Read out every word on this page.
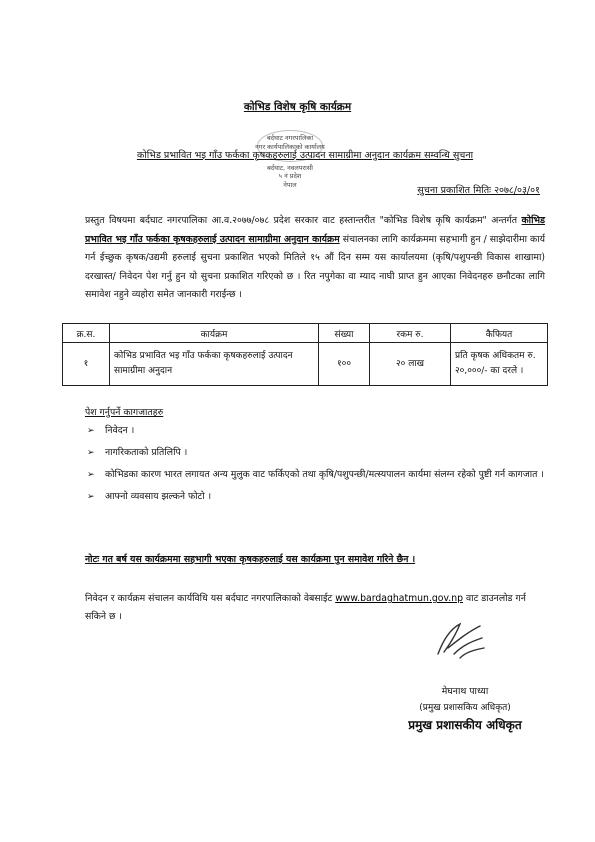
कोभिड विशेष कृषि कार्यक्रम
बर्दघाट नगरपालिका
नगर कार्यपालिकाको कार्यालय
बर्दघाट, नवलपरासी
५ नं प्रदेश
नेपाल
कोभिड प्रभावित भइ गाँउ फर्कका कृषकहरुलाई उत्पादन सामाग्रीमा अनुदान कार्यक्रम सम्वन्धि सुचना
सुचना प्रकाशित मितिः २०७८/०३/०१
प्रस्तुत विषयमा बर्दघाट नगरपालिका आ.व.२०७७/०७८ प्रदेश सरकार वाट हस्तान्तरीत "कोभिड विशेष कृषि कार्यक्रम" अन्तर्गत कोभिड प्रभावित भइ गाँउ फर्कका कृषकहरुलाई उत्पादन सामाग्रीमा अनुदान कार्यक्रम संचालनका लागि कार्यक्रममा सहभागी हुन / साझेदारीमा कार्य गर्न ईच्छुक कृषक/उद्यमी हरुलाई सुचना प्रकाशित भएको मितिले १५ औं दिन सम्म यस कार्यालयमा (कृषि/पशुपन्छी विकास शाखामा) दरखास्त/ निवेदन पेश गर्नु हुन यो सुचना प्रकाशित गरिएको छ । रित नपुगेका वा म्याद नाघी प्राप्त हुन आएका निवेदनहरु छनौटका लागि समावेश नहुने व्यहोरा समेत जानकारी गराईन्छ ।
क्र.स.	कार्यक्रम	संख्या	रकम रु.	कैफियत
१	कोभिड प्रभावित भइ गाँउ फर्कका कृषकहरुलाई उत्पादन सामाग्रीमा अनुदान	१००	२० लाख	प्रति कृषक अधिकतम रु. २०,०००/- का दरले ।
पेश गर्नुपर्ने कागजातहरु
➢ निवेदन ।
➢ नागरिकताको प्रतिलिपि ।
➢ कोभिडका कारण भारत लगायत अन्य मुलुक वाट फर्किएको तथा कृषि/पशुपन्छी/मत्स्यपालन कार्यमा संलग्न रहेको पुष्टी गर्न कागजात ।
➢ आफ्नो व्यवसाय झल्कने फोटो ।
नोटः गत बर्ष यस कार्यक्रममा सहभागी भएका कृषकहरुलाई यस कार्यक्रमा पुन समावेश गरिने छैन ।
निवेदन र कार्यक्रम संचालन कार्यविधि यस बर्दघाट नगरपालिकाको वेबसाईट www.bardaghatmun.gov.np वाट डाउनलोड गर्न सकिने छ ।
मेघनाथ पाध्या
(प्रमुख प्रशासकिय अधिकृत)
प्रमुख प्रशासकीय अधिकृत
